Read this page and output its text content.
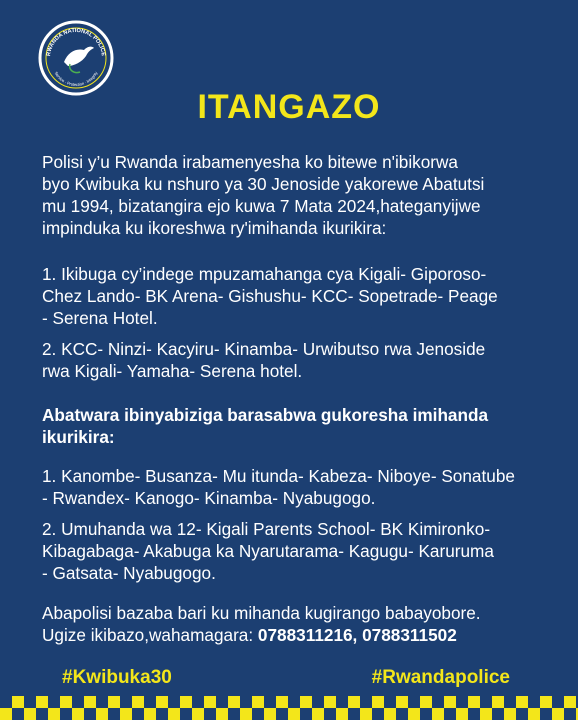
RWANDA NATIONAL POLICE
Service · Protection · Integrity
ITANGAZO
Polisi y’u Rwanda irabamenyesha ko bitewe n'ibikorwa
byo Kwibuka ku nshuro ya 30 Jenoside yakorewe Abatutsi
mu 1994, bizatangira ejo kuwa 7 Mata 2024,hateganyijwe
impinduka ku ikoreshwa ry'imihanda ikurikira:
1. Ikibuga cy’indege mpuzamahanga cya Kigali- Giporoso-
Chez Lando- BK Arena- Gishushu- KCC- Sopetrade- Peage
- Serena Hotel.
2. KCC- Ninzi- Kacyiru- Kinamba- Urwibutso rwa Jenoside
rwa Kigali- Yamaha- Serena hotel.
Abatwara ibinyabiziga barasabwa gukoresha imihanda
ikurikira:
1. Kanombe- Busanza- Mu itunda- Kabeza- Niboye- Sonatube
- Rwandex- Kanogo- Kinamba- Nyabugogo.
2. Umuhanda wa 12- Kigali Parents School- BK Kimironko-
Kibagabaga- Akabuga ka Nyarutarama- Kagugu- Karuruma
- Gatsata- Nyabugogo.
Abapolisi bazaba bari ku mihanda kugirango babayobore.
Ugize ikibazo,wahamagara: 0788311216, 0788311502
#Kwibuka30	#Rwandapolice
